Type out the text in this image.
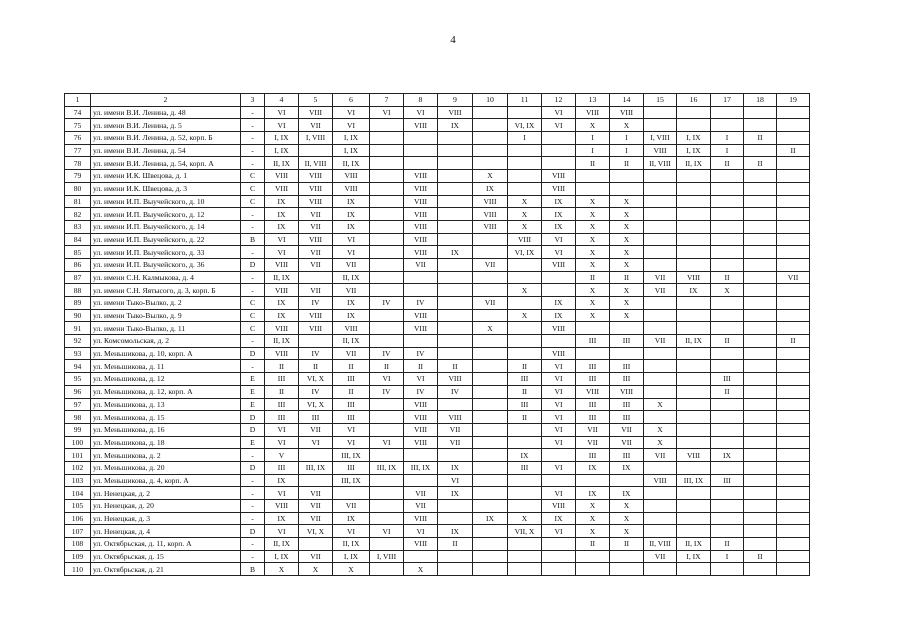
4
1	2	3	4	5	6	7	8	9	10	11	12	13	14	15	16	17	18	19
74	ул. имени В.И. Ленина, д. 48	-	VI	VIII	VI	VI	VI	VIII			VI	VIII	VIII					
75	ул. имени В.И. Ленина, д. 5	-	VI	VII	VI		VIII	IX		VI, IX	VI	X	X					
76	ул. имени В.И. Ленина, д. 52, корп. Б	-	I, IX	I, VIII	I, IX					I		I	I	I, VIII	I, IX	I	II	
77	ул. имени В.И. Ленина, д. 54	-	I, IX		I, IX							I	I	VIII	I, IX	I		II
78	ул. имени В.И. Ленина, д. 54, корп. А	-	II, IX	II, VIII	II, IX							II	II	II, VIII	II, IX	II	II	
79	ул. имени И.К. Швецова, д. 1	C	VIII	VIII	VIII		VIII		X		VIII							
80	ул. имени И.К. Швецова, д. 3	C	VIII	VIII	VIII		VIII		IX		VIII							
81	ул. имени И.П. Выучейского, д. 10	C	IX	VIII	IX		VIII		VIII	X	IX	X	X					
82	ул. имени И.П. Выучейского, д. 12	-	IX	VII	IX		VIII		VIII	X	IX	X	X					
83	ул. имени И.П. Выучейского, д. 14	-	IX	VII	IX		VIII		VIII	X	IX	X	X					
84	ул. имени И.П. Выучейского, д. 22	B	VI	VIII	VI		VIII			VIII	VI	X	X					
85	ул. имени И.П. Выучейского, д. 33	-	VI	VII	VI		VIII	IX		VI, IX	VI	X	X					
86	ул. имени И.П. Выучейского, д. 36	D	VIII	VII	VII		VII		VII		VIII	X	X					
87	ул. имени С.Н. Калмыкова, д. 4	-	II, IX		II, IX							II	II	VII	VIII	II		VII
88	ул. имени С.Н. Яятысого, д. 3, корп. Б	-	VIII	VII	VII					X		X	X	VII	IX	X		
89	ул. имени Тыко-Вылко, д. 2	C	IX	IV	IX	IV	IV		VII		IX	X	X					
90	ул. имени Тыко-Вылко, д. 9	C	IX	VIII	IX		VIII			X	IX	X	X					
91	ул. имени Тыко-Вылко, д. 11	C	VIII	VIII	VIII		VIII		X		VIII							
92	ул. Комсомольская, д. 2	-	II, IX		II, IX							III	III	VII	II, IX	II		II
93	ул. Меньшикова, д. 10, корп. А	D	VIII	IV	VII	IV	IV				VIII							
94	ул. Меньшикова, д. 11	-	II	II	II	II	II	II		II	VI	III	III					
95	ул. Меньшикова, д. 12	E	III	VI, X	III	VI	VI	VIII		III	VI	III	III			III		
96	ул. Меньшикова, д. 12, корп. А	E	II	IV	II	IV	IV	IV		II	VI	VIII	VIII			II		
97	ул. Меньшикова, д. 13	E	III	VI, X	III		VIII			III	VI	III	III	X				
98	ул. Меньшикова, д. 15	D	III	III	III		VIII	VIII		II	VI	III	III					
99	ул. Меньшикова, д. 16	D	VI	VII	VI		VIII	VII			VI	VII	VII	X				
100	ул. Меньшикова, д. 18	E	VI	VI	VI	VI	VIII	VII			VI	VII	VII	X				
101	ул. Меньшикова, д. 2	-	V		III, IX					IX		III	III	VII	VIII	IX		
102	ул. Меньшикова, д. 20	D	III	III, IX	III	III, IX	III, IX	IX		III	VI	IX	IX					
103	ул. Меньшикова, д. 4, корп. А	-	IX		III, IX			VI						VIII	III, IX	III		
104	ул. Ненецкая, д. 2	-	VI	VII			VII	IX			VI	IX	IX					
105	ул. Ненецкая, д. 20	-	VIII	VII	VII		VII				VIII	X	X					
106	ул. Ненецкая, д. 3	-	IX	VII	IX		VIII		IX	X	IX	X	X					
107	ул. Ненецкая, д. 4	D	VI	VI, X	VI	VI	VI	IX		VII, X	VI	X	X					
108	ул. Октябрьская, д. 11, корп. А	-	II, IX		II, IX		VIII	II				II	II	II, VIII	II, IX	II		
109	ул. Октябрьская, д. 15	-	I, IX	VII	I, IX	I, VIII								VII	I, IX	I	II	
110	ул. Октябрьская, д. 21	B	X	X	X		X											
